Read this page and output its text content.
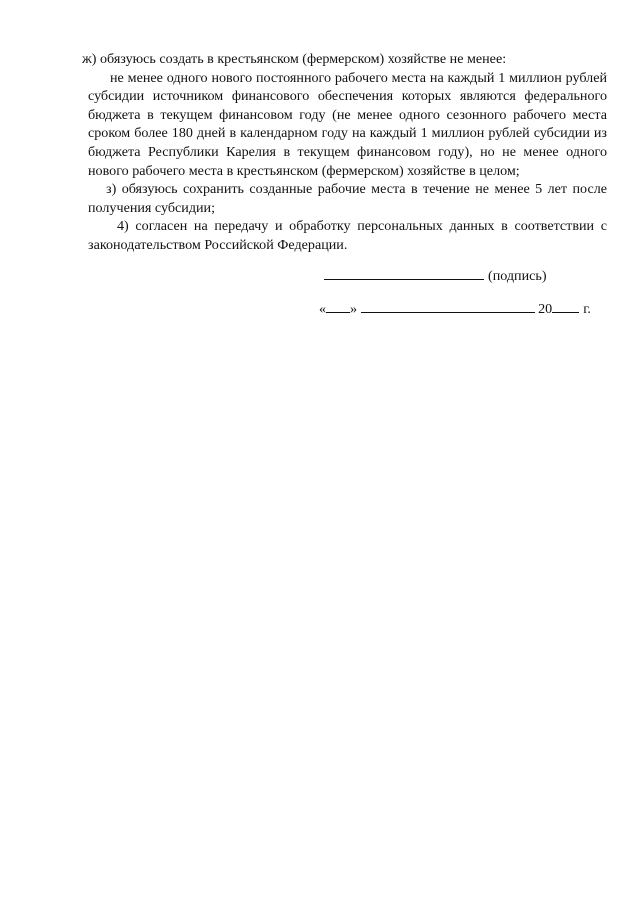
ж) обязуюсь создать в крестьянском (фермерском) хозяйстве не менее:

не менее одного нового постоянного рабочего места на каждый 1 миллион рублей субсидии источником финансового обеспечения которых являются федерального бюджета в текущем финансовом году (не менее одного сезонного рабочего места сроком более 180 дней в календарном году на каждый 1 миллион рублей субсидии из бюджета Республики Карелия в текущем финансовом году), но не менее одного нового рабочего места в крестьянском (фермерском) хозяйстве в целом;

з) обязуюсь сохранить созданные рабочие места в течение не менее 5 лет после получения субсидии;

4) согласен на передачу и обработку персональных данных в соответствии с законодательством Российской Федерации.

(подпись)
« »	20 г.
